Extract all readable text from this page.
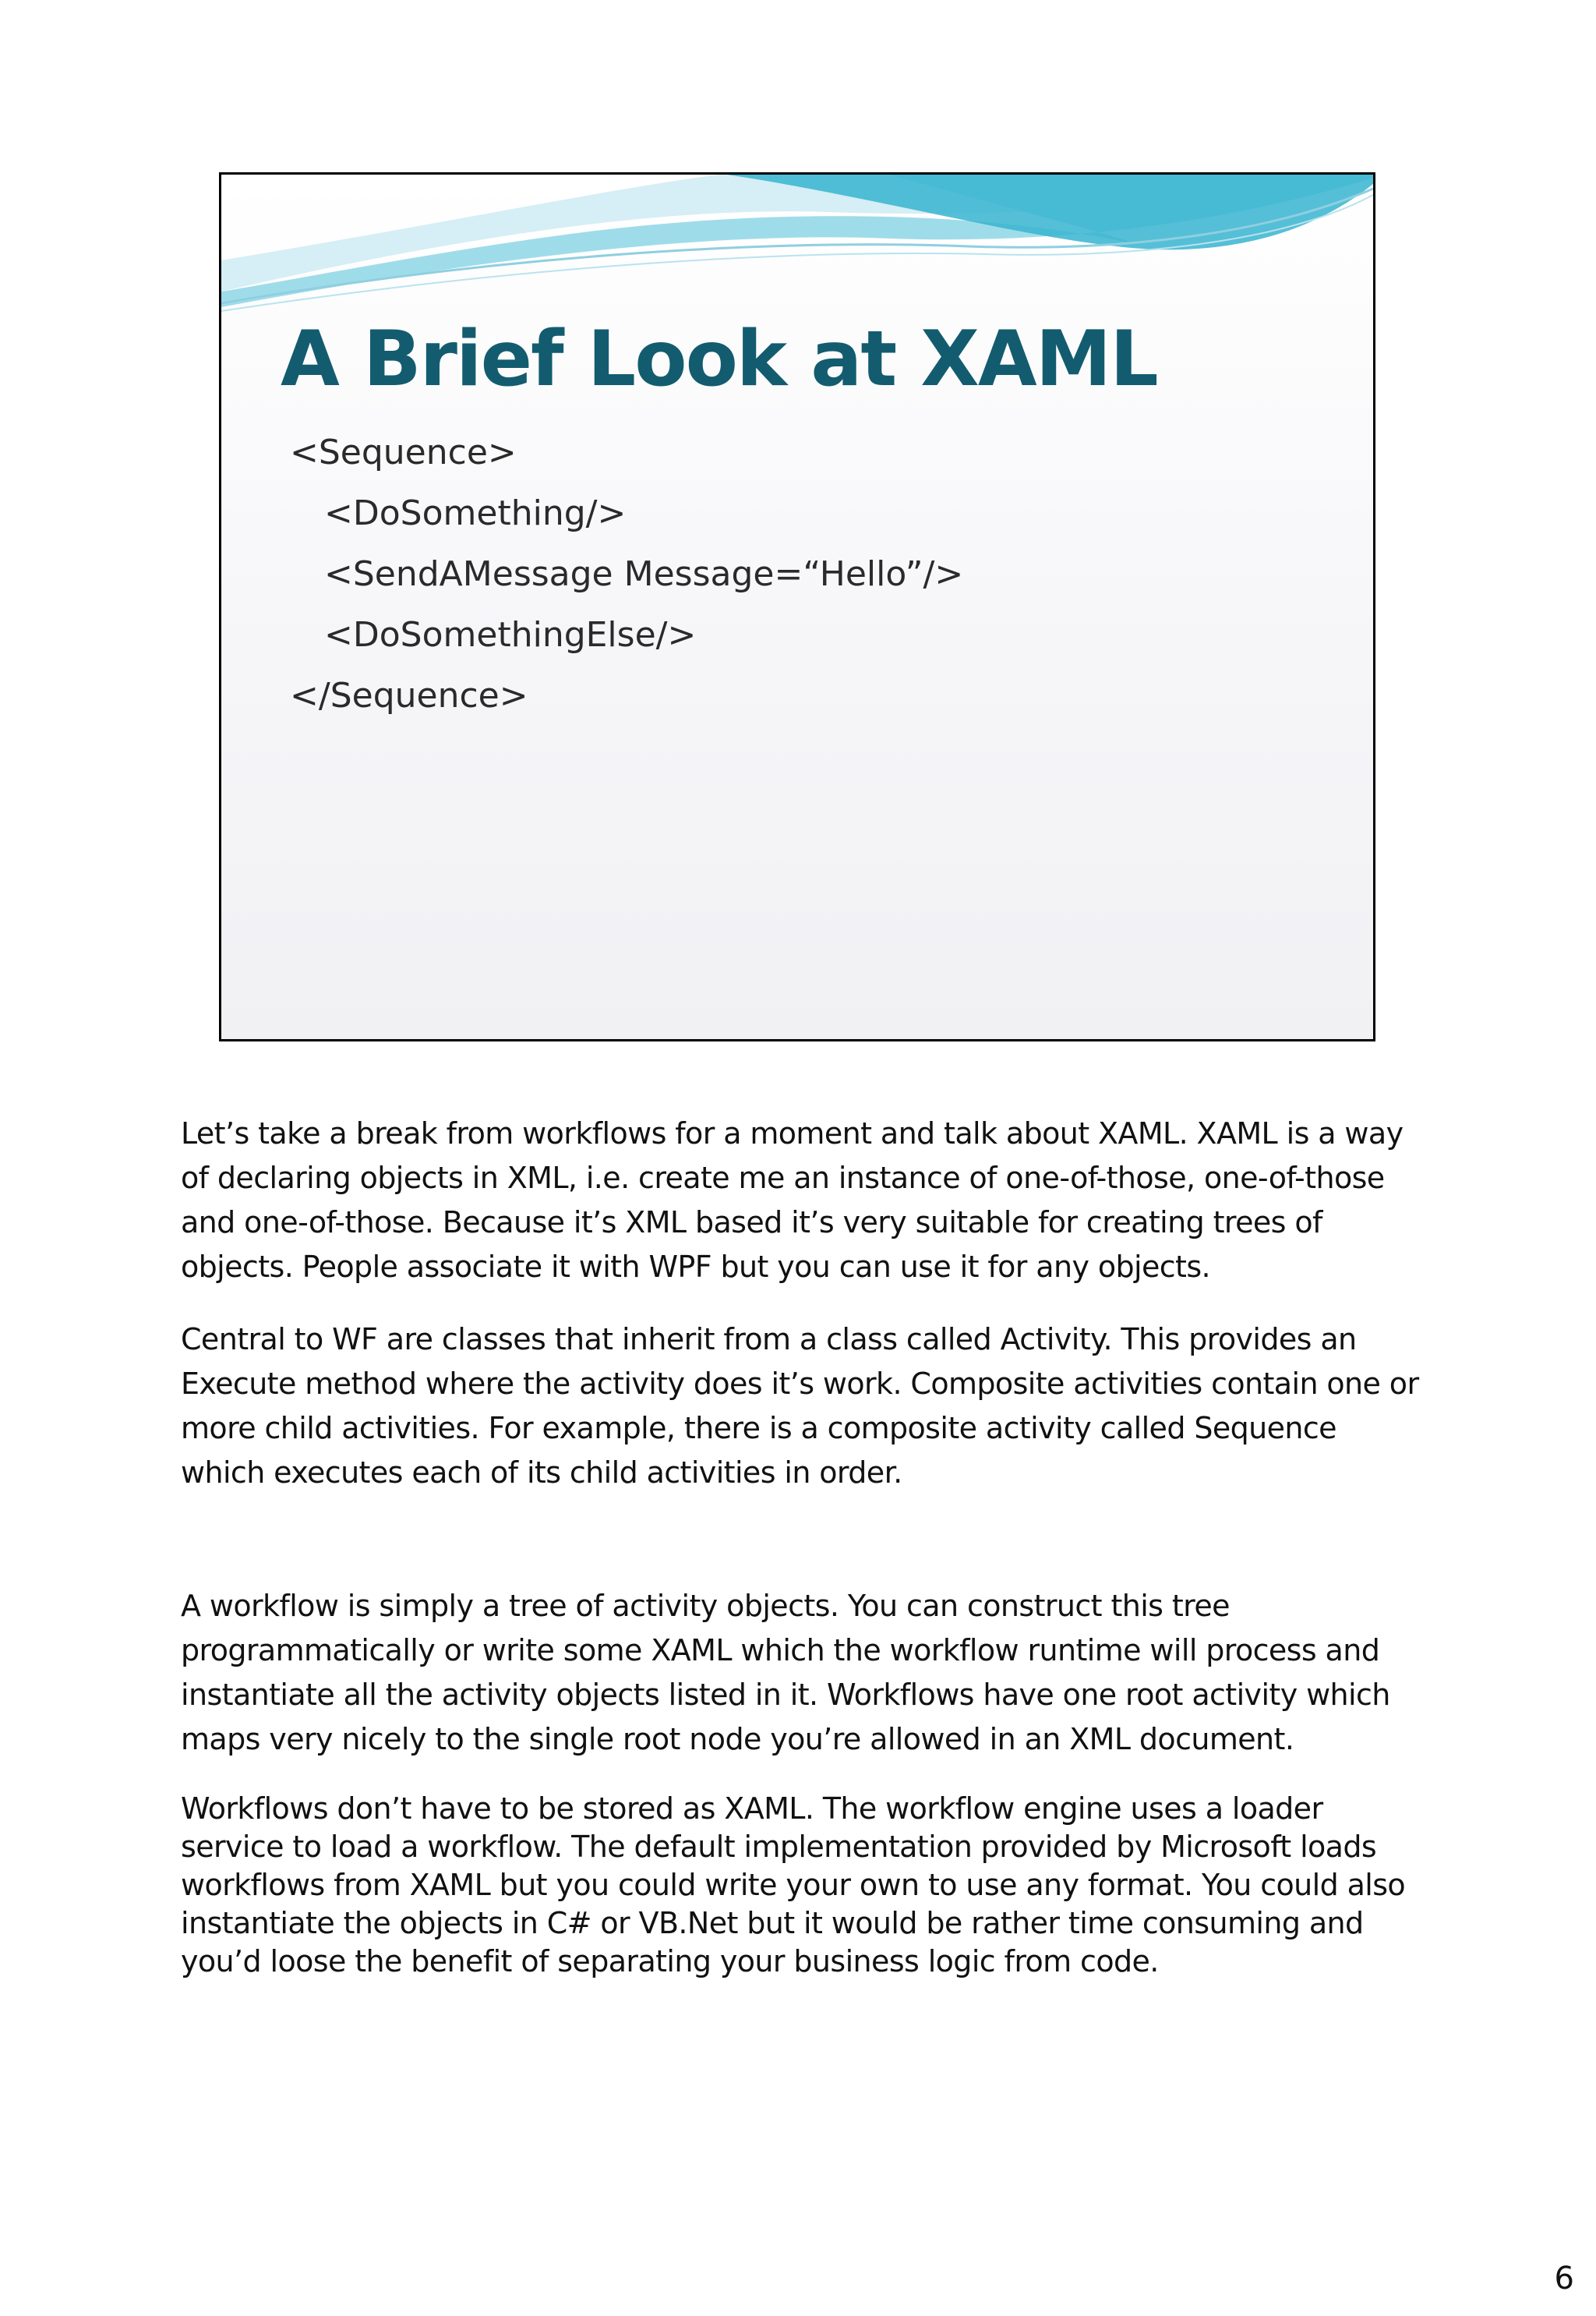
A Brief Look at XAML
<Sequence>
<DoSomething/>
<SendAMessage Message=“Hello”/>
<DoSomethingElse/>
</Sequence>

Let’s take a break from workflows for a moment and talk about XAML. XAML is a way of declaring objects in XML, i.e. create me an instance of one-of-those, one-of-those and one-of-those. Because it’s XML based it’s very suitable for creating trees of objects. People associate it with WPF but you can use it for any objects.

Central to WF are classes that inherit from a class called Activity. This provides an Execute method where the activity does it’s work. Composite activities contain one or more child activities. For example, there is a composite activity called Sequence which executes each of its child activities in order.

A workflow is simply a tree of activity objects. You can construct this tree programmatically or write some XAML which the workflow runtime will process and instantiate all the activity objects listed in it. Workflows have one root activity which maps very nicely to the single root node you’re allowed in an XML document.

Workflows don’t have to be stored as XAML. The workflow engine uses a loader service to load a workflow. The default implementation provided by Microsoft loads workflows from XAML but you could write your own to use any format. You could also instantiate the objects in C# or VB.Net but it would be rather time consuming and you’d loose the benefit of separating your business logic from code.

6
